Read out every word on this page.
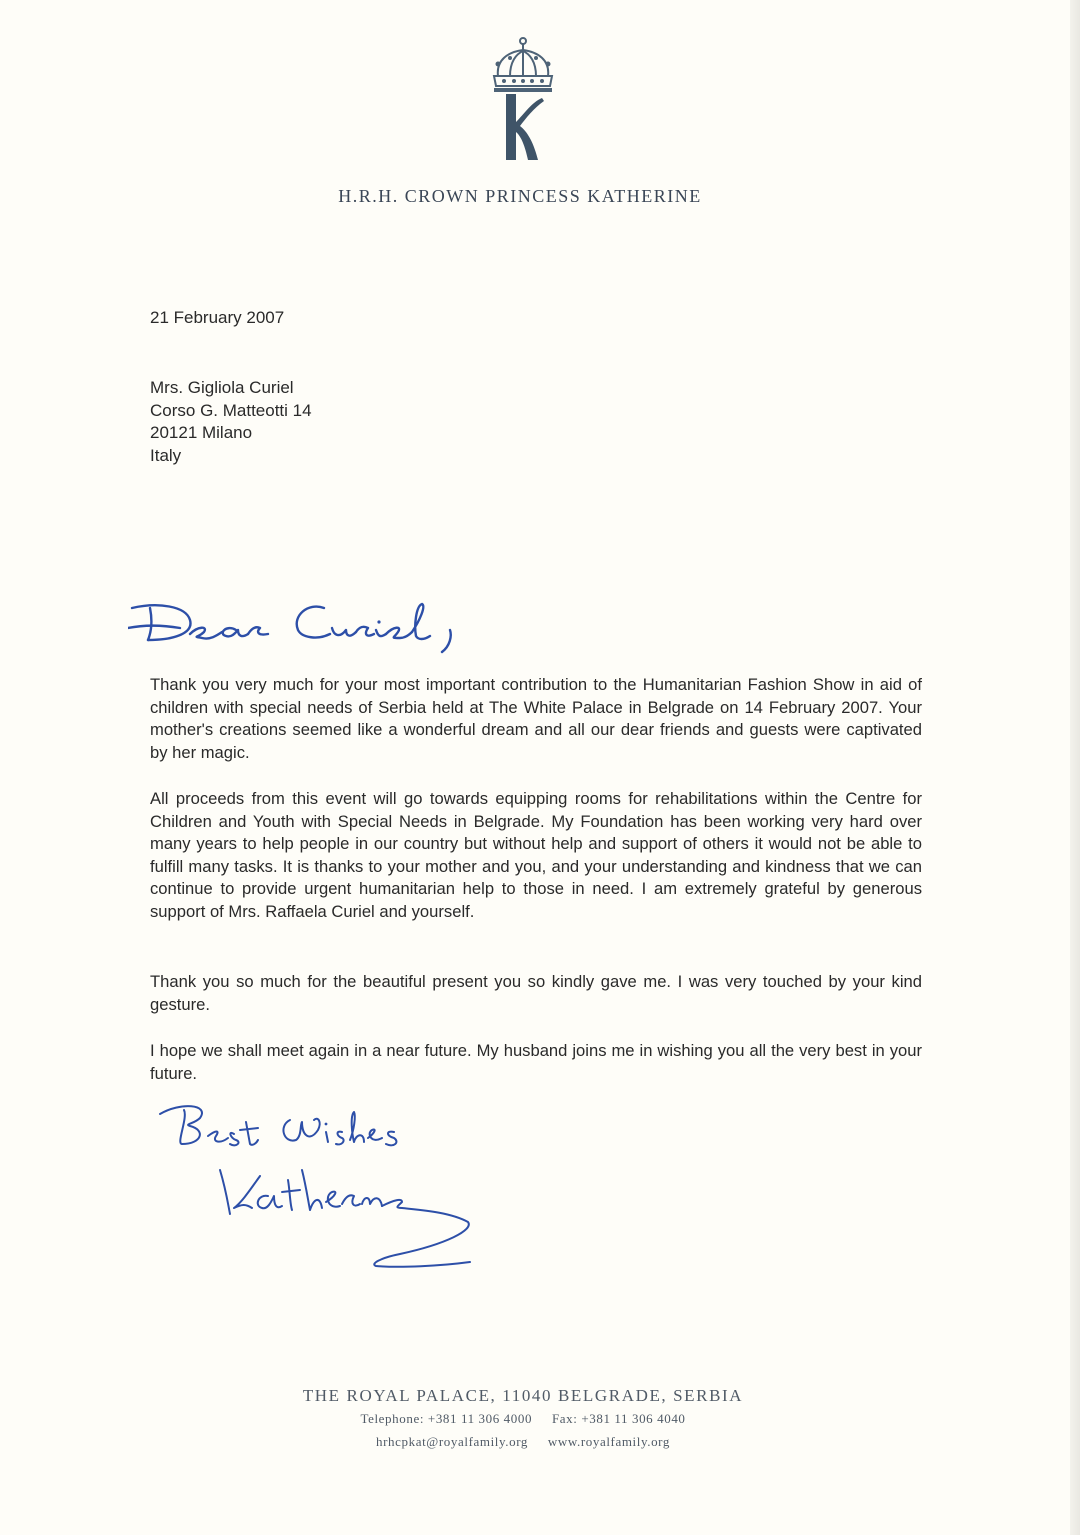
H.R.H. CROWN PRINCESS KATHERINE
21 February 2007
Mrs. Gigliola Curiel
Corso G. Matteotti 14
20121 Milano
Italy

Thank you very much for your most important contribution to the Humanitarian Fashion Show in aid of children with special needs of Serbia held at The White Palace in Belgrade on 14 February 2007. Your mother's creations seemed like a wonderful dream and all our dear friends and guests were captivated by her magic.

All proceeds from this event will go towards equipping rooms for rehabilitations within the Centre for Children and Youth with Special Needs in Belgrade. My Foundation has been working very hard over many years to help people in our country but without help and support of others it would not be able to fulfill many tasks. It is thanks to your mother and you, and your understanding and kindness that we can continue to provide urgent humanitarian help to those in need. I am extremely grateful by generous support of Mrs. Raffaela Curiel and yourself.

Thank you so much for the beautiful present you so kindly gave me. I was very touched by your kind gesture.

I hope we shall meet again in a near future. My husband joins me in wishing you all the very best in your future.

THE ROYAL PALACE, 11040 BELGRADE, SERBIA
Telephone: +381 11 306 4000 Fax: +381 11 306 4040
hrhcpkat@royalfamily.org www.royalfamily.org
